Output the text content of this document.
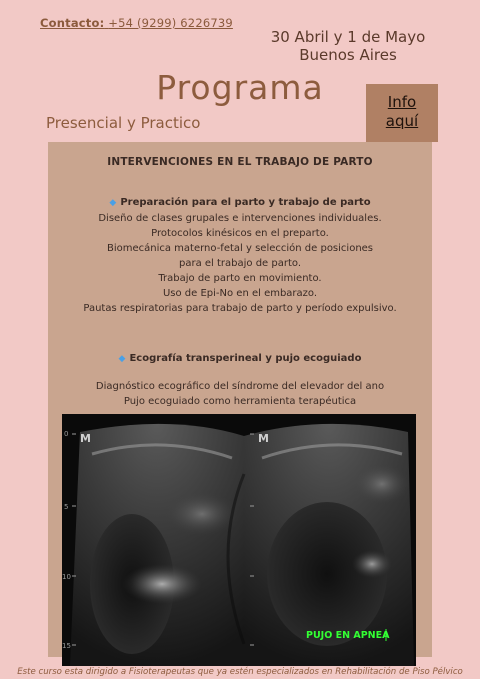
Contacto: +54 (9299) 6226739
30 Abril y 1 de Mayo
Buenos Aires
Programa
Presencial y Practico
Info
aquí

INTERVENCIONES EN EL TRABAJO DE PARTO

◆ Preparación para el parto y trabajo de parto
Diseño de clases grupales e intervenciones individuales.
Protocolos kinésicos en el preparto.
Biomecánica materno-fetal y selección de posiciones
para el trabajo de parto.
Trabajo de parto en movimiento.
Uso de Epi-No en el embarazo.
Pautas respiratorias para trabajo de parto y período expulsivo.
◆ Ecografía transperineal y pujo ecoguiado
Diagnóstico ecográfico del síndrome del elevador del ano
Pujo ecoguiado como herramienta terapéutica
M	M
0
5
10
15
PUJO EN APNEA
Este curso esta dirigido a Fisioterapeutas que ya estén especializados en Rehabilitación de Piso Pélvico
